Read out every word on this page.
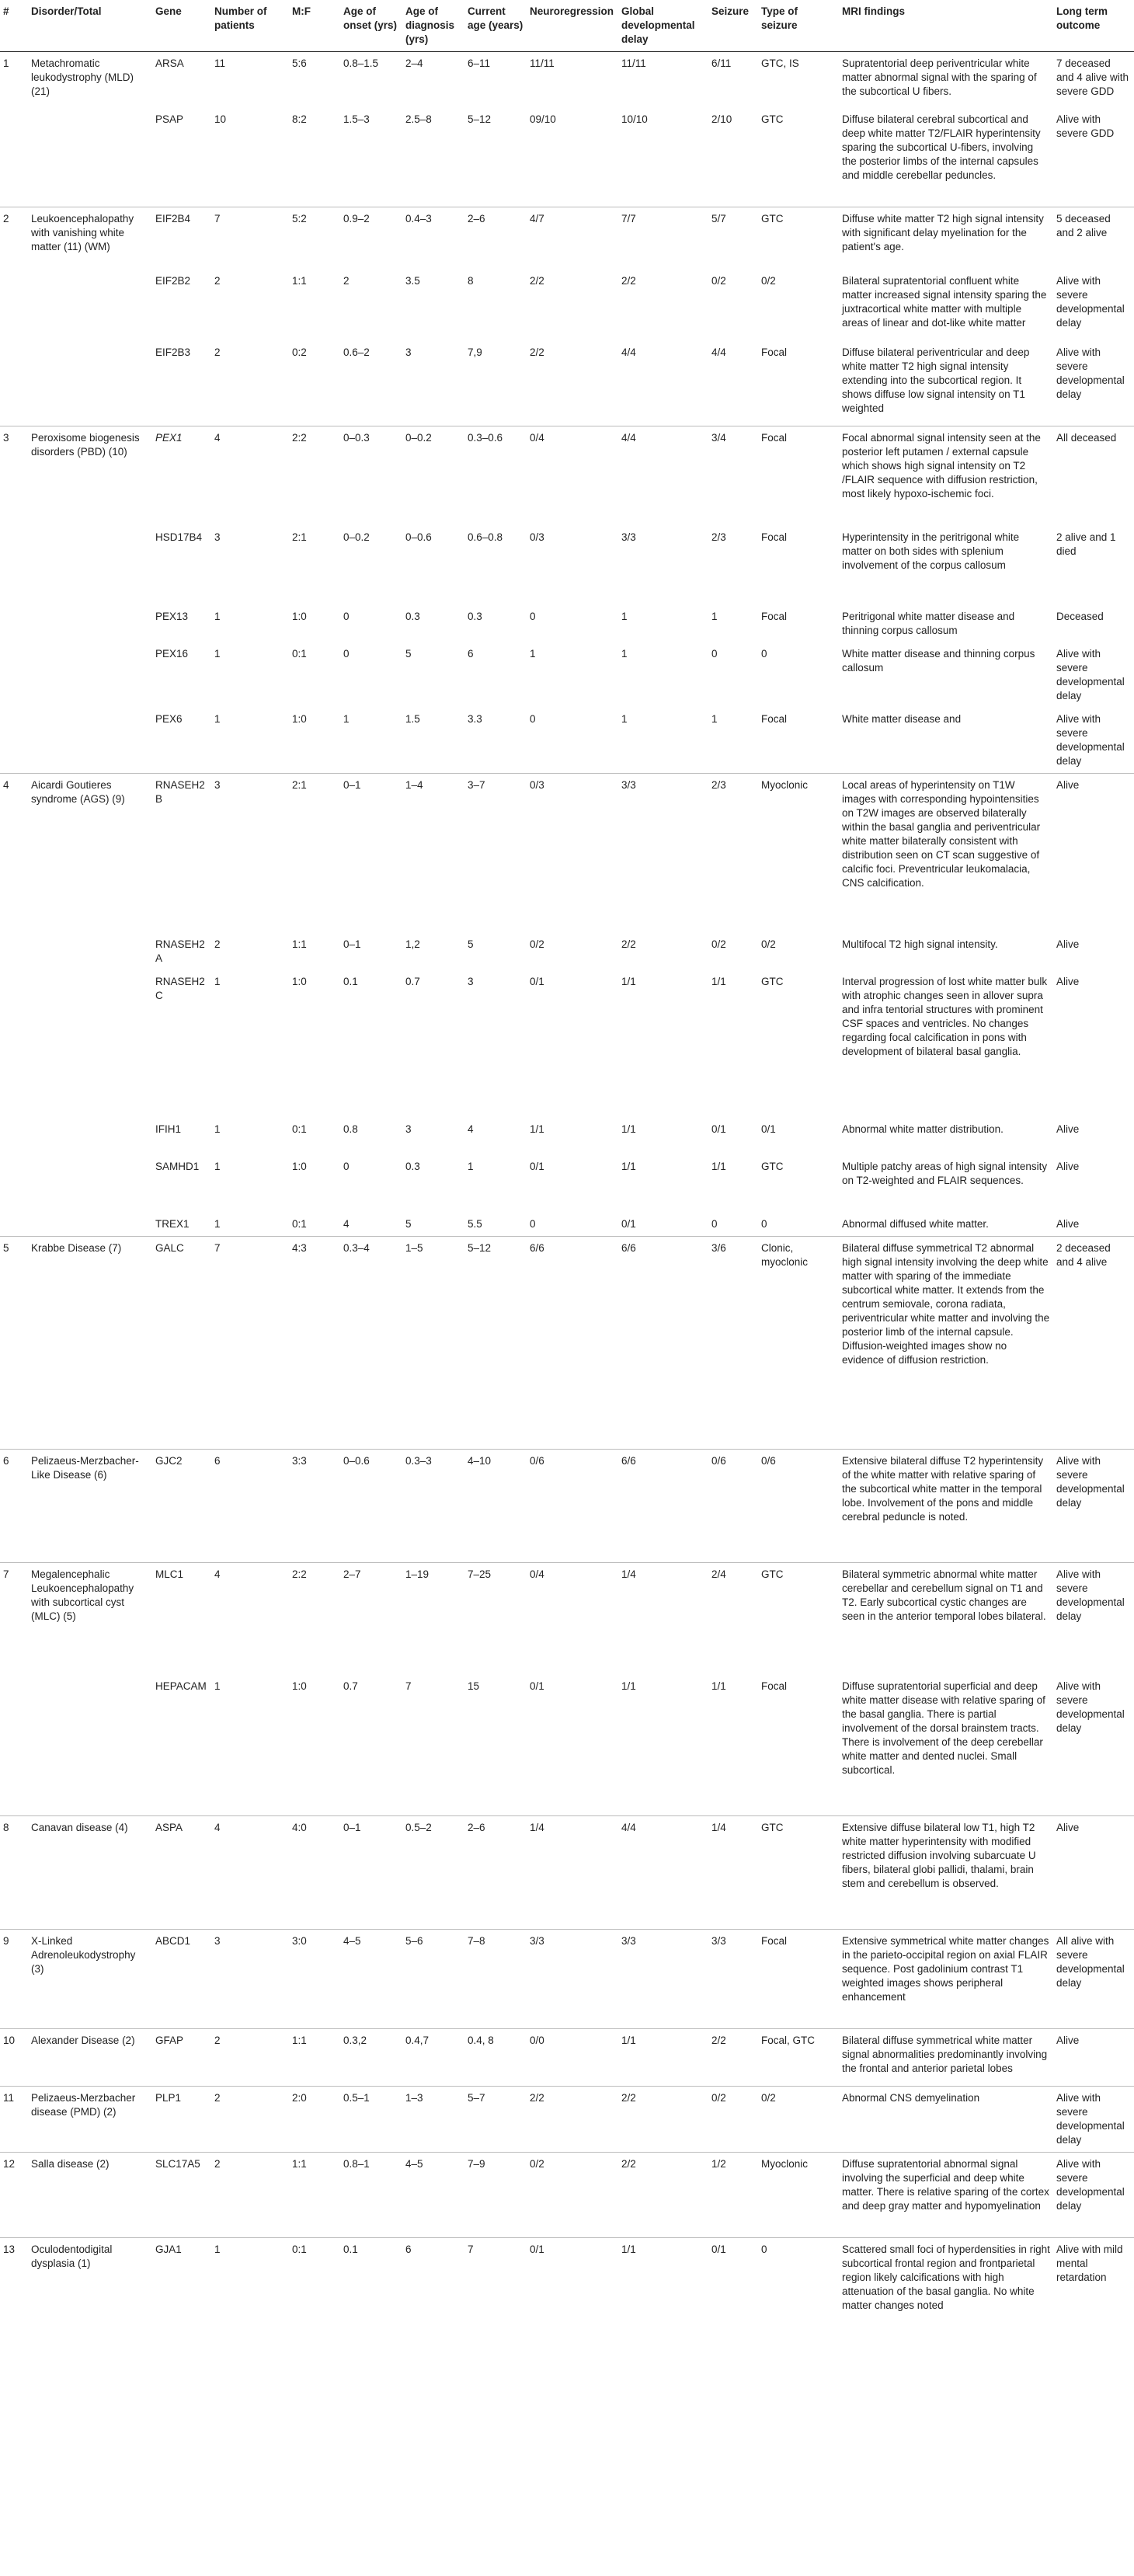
#	Disorder/Total	Gene	Number of patients	M:F	Age of onset (yrs)	Age of diagnosis (yrs)	Current age (years)	Neuroregression	Global developmental delay	Seizure	Type of seizure	MRI findings	Long term outcome
1	Metachromatic leukodystrophy (MLD) (21)	ARSA	11	5:6	0.8–1.5	2–4	6–11	11/11	11/11	6/11	GTC, IS	Supratentorial deep periventricular white matter abnormal signal with the sparing of the subcortical U fibers.	7 deceased and 4 alive with severe GDD
		PSAP	10	8:2	1.5–3	2.5–8	5–12	09/10	10/10	2/10	GTC	Diffuse bilateral cerebral subcortical and deep white matter T2/FLAIR hyperintensity sparing the subcortical U-fibers, involving the posterior limbs of the internal capsules and middle cerebellar peduncles.	Alive with severe GDD
2	Leukoencephalopathy with vanishing white matter (11) (WM)	EIF2B4	7	5:2	0.9–2	0.4–3	2–6	4/7	7/7	5/7	GTC	Diffuse white matter T2 high signal intensity with significant delay myelination for the patient's age.	5 deceased and 2 alive
		EIF2B2	2	1:1	2	3.5	8	2/2	2/2	0/2	0/2	Bilateral supratentorial confluent white matter increased signal intensity sparing the juxtracortical white matter with multiple areas of linear and dot-like white matter	Alive with severe developmental delay
		EIF2B3	2	0:2	0.6–2	3	7,9	2/2	4/4	4/4	Focal	Diffuse bilateral periventricular and deep white matter T2 high signal intensity extending into the subcortical region. It shows diffuse low signal intensity on T1 weighted	Alive with severe developmental delay
3	Peroxisome biogenesis disorders (PBD) (10)	PEX1	4	2:2	0–0.3	0–0.2	0.3–0.6	0/4	4/4	3/4	Focal	Focal abnormal signal intensity seen at the posterior left putamen / external capsule which shows high signal intensity on T2 /FLAIR sequence with diffusion restriction, most likely hypoxo-ischemic foci.	All deceased
		HSD17B4	3	2:1	0–0.2	0–0.6	0.6–0.8	0/3	3/3	2/3	Focal	Hyperintensity in the peritrigonal white matter on both sides with splenium involvement of the corpus callosum	2 alive and 1 died
		PEX13	1	1:0	0	0.3	0.3	0	1	1	Focal	Peritrigonal white matter disease and thinning corpus callosum	Deceased
		PEX16	1	0:1	0	5	6	1	1	0	0	White matter disease and thinning corpus callosum	Alive with severe developmental delay
		PEX6	1	1:0	1	1.5	3.3	0	1	1	Focal	White matter disease and	Alive with severe developmental delay
4	Aicardi Goutieres syndrome (AGS) (9)	RNASEH2B	3	2:1	0–1	1–4	3–7	0/3	3/3	2/3	Myoclonic	Local areas of hyperintensity on T1W images with corresponding hypointensities on T2W images are observed bilaterally within the basal ganglia and periventricular white matter bilaterally consistent with distribution seen on CT scan suggestive of calcific foci. Preventricular leukomalacia, CNS calcification.	Alive
		RNASEH2A	2	1:1	0–1	1,2	5	0/2	2/2	0/2	0/2	Multifocal T2 high signal intensity.	Alive
		RNASEH2C	1	1:0	0.1	0.7	3	0/1	1/1	1/1	GTC	Interval progression of lost white matter bulk with atrophic changes seen in allover supra and infra tentorial structures with prominent CSF spaces and ventricles. No changes regarding focal calcification in pons with development of bilateral basal ganglia.	Alive
		IFIH1	1	0:1	0.8	3	4	1/1	1/1	0/1	0/1	Abnormal white matter distribution.	Alive
		SAMHD1	1	1:0	0	0.3	1	0/1	1/1	1/1	GTC	Multiple patchy areas of high signal intensity on T2-weighted and FLAIR sequences.	Alive
		TREX1	1	0:1	4	5	5.5	0	0/1	0	0	Abnormal diffused white matter.	Alive
5	Krabbe Disease (7)	GALC	7	4:3	0.3–4	1–5	5–12	6/6	6/6	3/6	Clonic, myoclonic	Bilateral diffuse symmetrical T2 abnormal high signal intensity involving the deep white matter with sparing of the immediate subcortical white matter. It extends from the centrum semiovale, corona radiata, periventricular white matter and involving the posterior limb of the internal capsule. Diffusion-weighted images show no evidence of diffusion restriction.	2 deceased and 4 alive
6	Pelizaeus-Merzbacher-Like Disease (6)	GJC2	6	3:3	0–0.6	0.3–3	4–10	0/6	6/6	0/6	0/6	Extensive bilateral diffuse T2 hyperintensity of the white matter with relative sparing of the subcortical white matter in the temporal lobe. Involvement of the pons and middle cerebral peduncle is noted.	Alive with severe developmental delay
7	Megalencephalic Leukoencephalopathy with subcortical cyst (MLC) (5)	MLC1	4	2:2	2–7	1–19	7–25	0/4	1/4	2/4	GTC	Bilateral symmetric abnormal white matter cerebellar and cerebellum signal on T1 and T2. Early subcortical cystic changes are seen in the anterior temporal lobes bilateral.	Alive with severe developmental delay
		HEPACAM	1	1:0	0.7	7	15	0/1	1/1	1/1	Focal	Diffuse supratentorial superficial and deep white matter disease with relative sparing of the basal ganglia. There is partial involvement of the dorsal brainstem tracts. There is involvement of the deep cerebellar white matter and dented nuclei. Small subcortical.	Alive with severe developmental delay
8	Canavan disease (4)	ASPA	4	4:0	0–1	0.5–2	2–6	1/4	4/4	1/4	GTC	Extensive diffuse bilateral low T1, high T2 white matter hyperintensity with modified restricted diffusion involving subarcuate U fibers, bilateral globi pallidi, thalami, brain stem and cerebellum is observed.	Alive
9	X-Linked Adrenoleukodystrophy (3)	ABCD1	3	3:0	4–5	5–6	7–8	3/3	3/3	3/3	Focal	Extensive symmetrical white matter changes in the parieto-occipital region on axial FLAIR sequence. Post gadolinium contrast T1 weighted images shows peripheral enhancement	All alive with severe developmental delay
10	Alexander Disease (2)	GFAP	2	1:1	0.3,2	0.4,7	0.4, 8	0/0	1/1	2/2	Focal, GTC	Bilateral diffuse symmetrical white matter signal abnormalities predominantly involving the frontal and anterior parietal lobes	Alive
11	Pelizaeus-Merzbacher disease (PMD) (2)	PLP1	2	2:0	0.5–1	1–3	5–7	2/2	2/2	0/2	0/2	Abnormal CNS demyelination	Alive with severe developmental delay
12	Salla disease (2)	SLC17A5	2	1:1	0.8–1	4–5	7–9	0/2	2/2	1/2	Myoclonic	Diffuse supratentorial abnormal signal involving the superficial and deep white matter. There is relative sparing of the cortex and deep gray matter and hypomyelination	Alive with severe developmental delay
13	Oculodentodigital dysplasia (1)	GJA1	1	0:1	0.1	6	7	0/1	1/1	0/1	0	Scattered small foci of hyperdensities in right subcortical frontal region and frontparietal region likely calcifications with high attenuation of the basal ganglia. No white matter changes noted	Alive with mild mental retardation
